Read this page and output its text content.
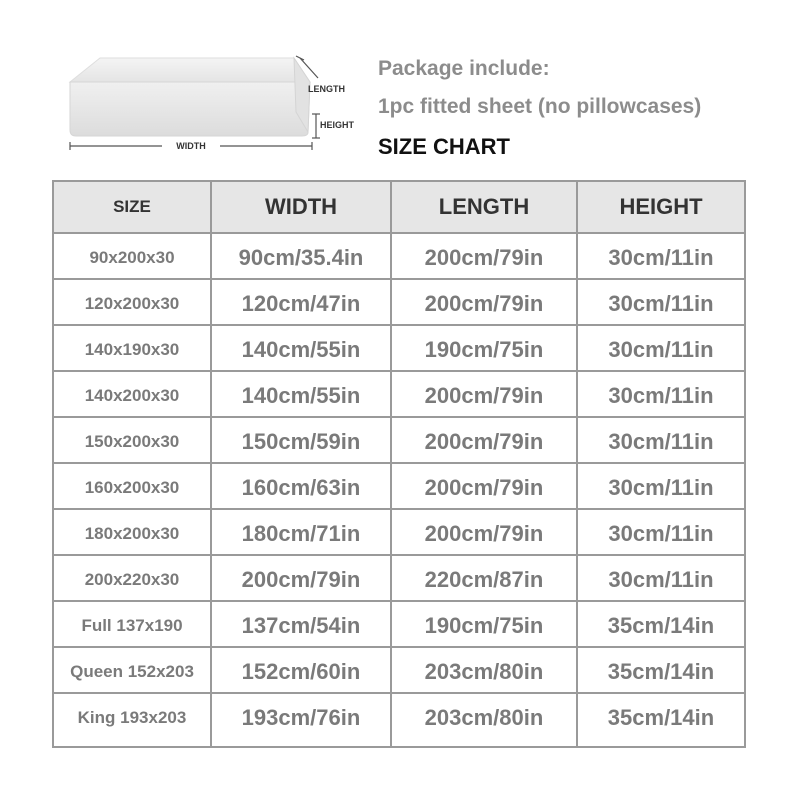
LENGTH
HEIGHT
WIDTH
Package include:
1pc fitted sheet (no pillowcases)
SIZE CHART
SIZE	WIDTH	LENGTH	HEIGHT
90x200x30	90cm/35.4in	200cm/79in	30cm/11in
120x200x30	120cm/47in	200cm/79in	30cm/11in
140x190x30	140cm/55in	190cm/75in	30cm/11in
140x200x30	140cm/55in	200cm/79in	30cm/11in
150x200x30	150cm/59in	200cm/79in	30cm/11in
160x200x30	160cm/63in	200cm/79in	30cm/11in
180x200x30	180cm/71in	200cm/79in	30cm/11in
200x220x30	200cm/79in	220cm/87in	30cm/11in
Full 137x190	137cm/54in	190cm/75in	35cm/14in
Queen 152x203	152cm/60in	203cm/80in	35cm/14in
King 193x203	193cm/76in	203cm/80in	35cm/14in
